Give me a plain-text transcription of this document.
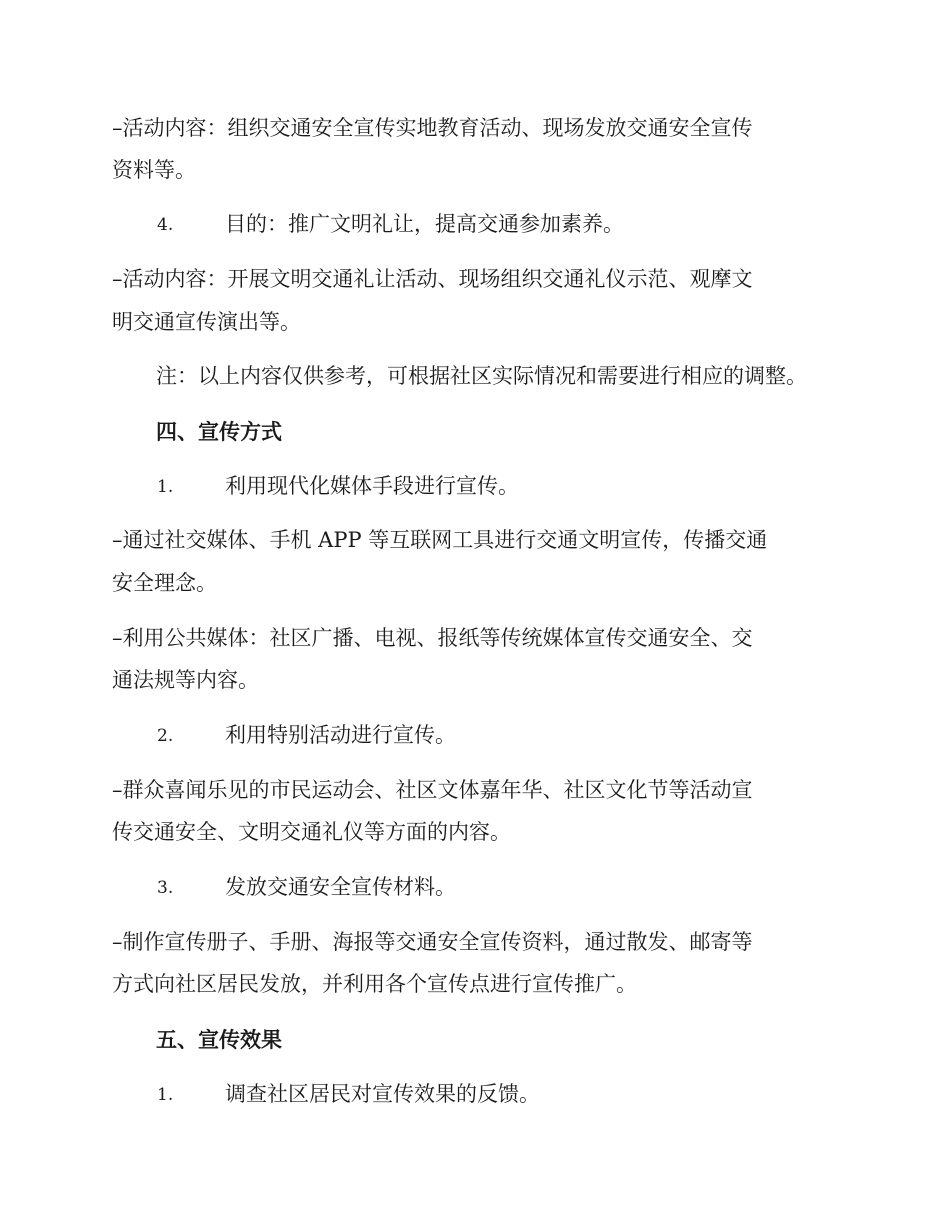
–活动内容：组织交通安全宣传实地教育活动、现场发放交通安全宣传
资料等。
4. 目的：推广文明礼让，提高交通参加素养。
–活动内容：开展文明交通礼让活动、现场组织交通礼仪示范、观摩文
明交通宣传演出等。
注：以上内容仅供参考，可根据社区实际情况和需要进行相应的调整。
四、宣传方式
1. 利用现代化媒体手段进行宣传。
–通过社交媒体、手机 APP 等互联网工具进行交通文明宣传，传播交通
安全理念。
–利用公共媒体：社区广播、电视、报纸等传统媒体宣传交通安全、交
通法规等内容。
2. 利用特别活动进行宣传。
–群众喜闻乐见的市民运动会、社区文体嘉年华、社区文化节等活动宣
传交通安全、文明交通礼仪等方面的内容。
3. 发放交通安全宣传材料。
–制作宣传册子、手册、海报等交通安全宣传资料，通过散发、邮寄等
方式向社区居民发放，并利用各个宣传点进行宣传推广。
五、宣传效果
1. 调查社区居民对宣传效果的反馈。
